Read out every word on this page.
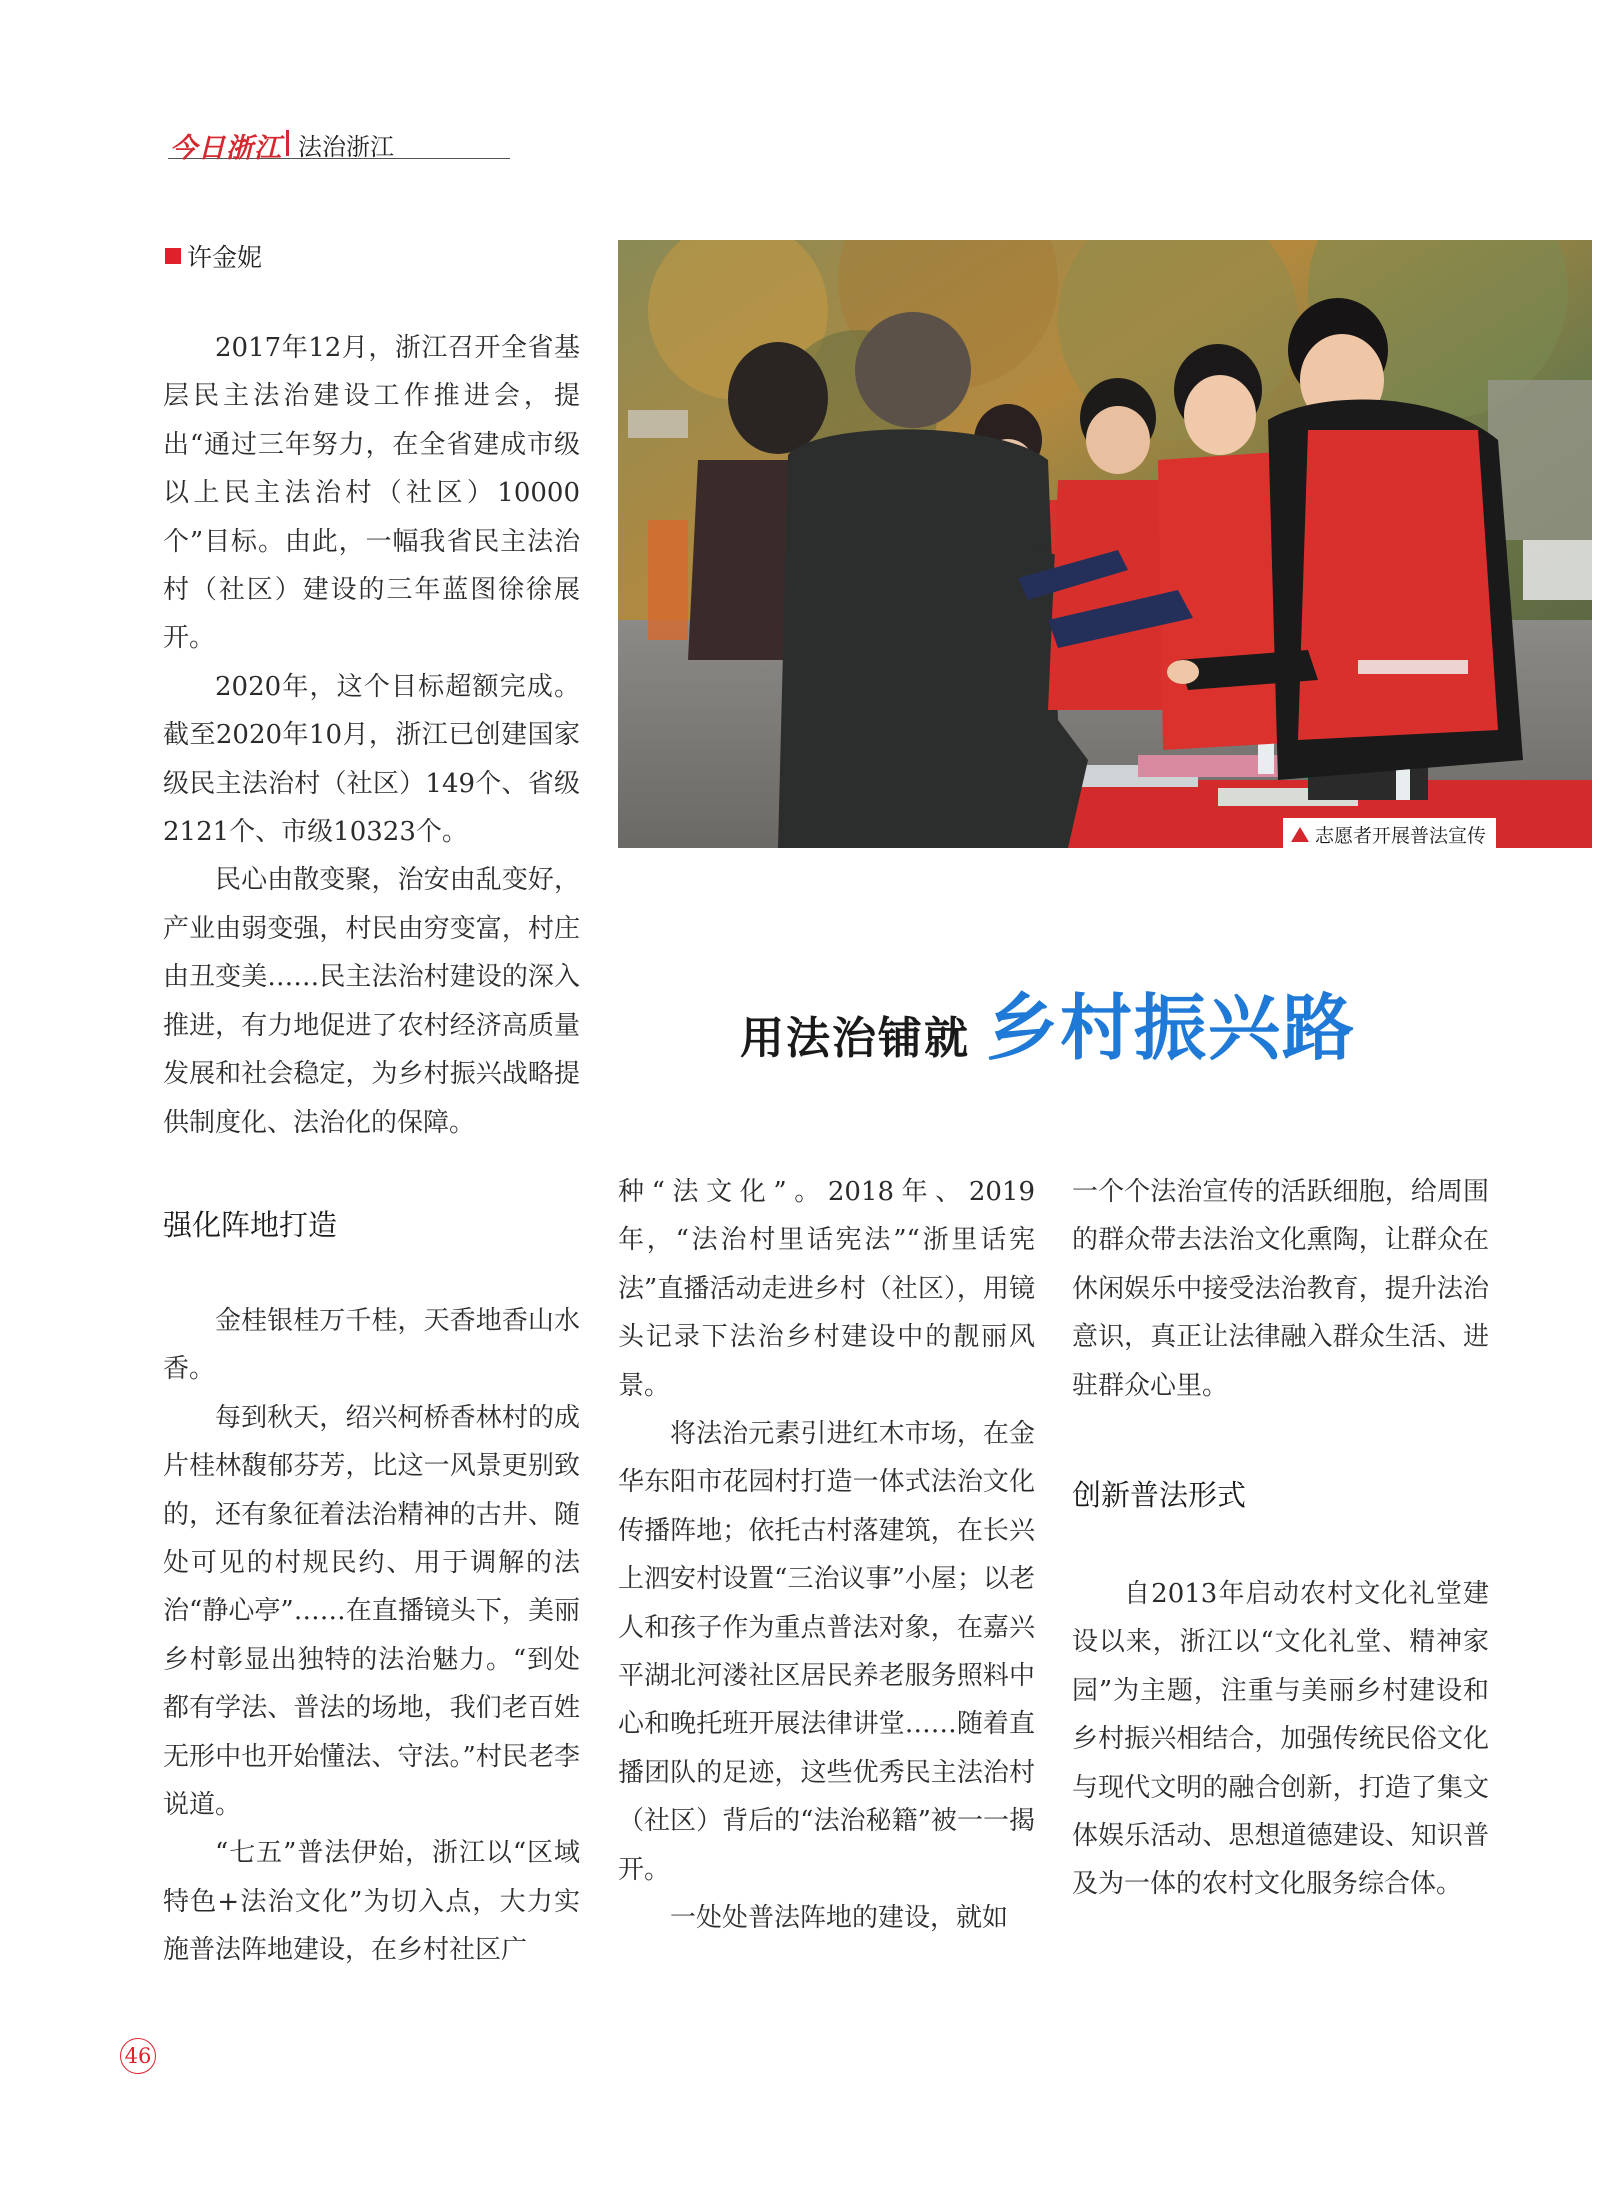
今日浙江 法治浙江
许金妮

2017年12月，浙江召开全省基层民主法治建设工作推进会，提出“通过三年努力，在全省建成市级以上民主法治村（社区）10000个”目标。由此，一幅我省民主法治村（社区）建设的三年蓝图徐徐展开。

2020年，这个目标超额完成。截至2020年10月，浙江已创建国家级民主法治村（社区）149个、省级2121个、市级10323个。

民心由散变聚，治安由乱变好，产业由弱变强，村民由穷变富，村庄由丑变美……民主法治村建设的深入推进，有力地促进了农村经济高质量发展和社会稳定，为乡村振兴战略提供制度化、法治化的保障。

强化阵地打造

金桂银桂万千桂，天香地香山水香。

每到秋天，绍兴柯桥香林村的成片桂林馥郁芬芳，比这一风景更别致的，还有象征着法治精神的古井、随处可见的村规民约、用于调解的法治“静心亭”……在直播镜头下，美丽乡村彰显出独特的法治魅力。“到处都有学法、普法的场地，我们老百姓无形中也开始懂法、守法。”村民老李说道。

“七五”普法伊始，浙江以“区域特色+法治文化”为切入点，大力实施普法阵地建设，在乡村社区广

志愿者开展普法宣传
用法治铺就 乡村振兴路

种“法文化”。2018年、2019年，“法治村里话宪法”“浙里话宪法”直播活动走进乡村（社区），用镜头记录下法治乡村建设中的靓丽风景。

将法治元素引进红木市场，在金华东阳市花园村打造一体式法治文化传播阵地；依托古村落建筑，在长兴上泗安村设置“三治议事”小屋；以老人和孩子作为重点普法对象，在嘉兴平湖北河溇社区居民养老服务照料中心和晚托班开展法律讲堂……随着直播团队的足迹，这些优秀民主法治村（社区）背后的“法治秘籍”被一一揭开。

一处处普法阵地的建设，就如

一个个法治宣传的活跃细胞，给周围的群众带去法治文化熏陶，让群众在休闲娱乐中接受法治教育，提升法治意识，真正让法律融入群众生活、进驻群众心里。

创新普法形式

自2013年启动农村文化礼堂建设以来，浙江以“文化礼堂、精神家园”为主题，注重与美丽乡村建设和乡村振兴相结合，加强传统民俗文化与现代文明的融合创新，打造了集文体娱乐活动、思想道德建设、知识普及为一体的农村文化服务综合体。

46
